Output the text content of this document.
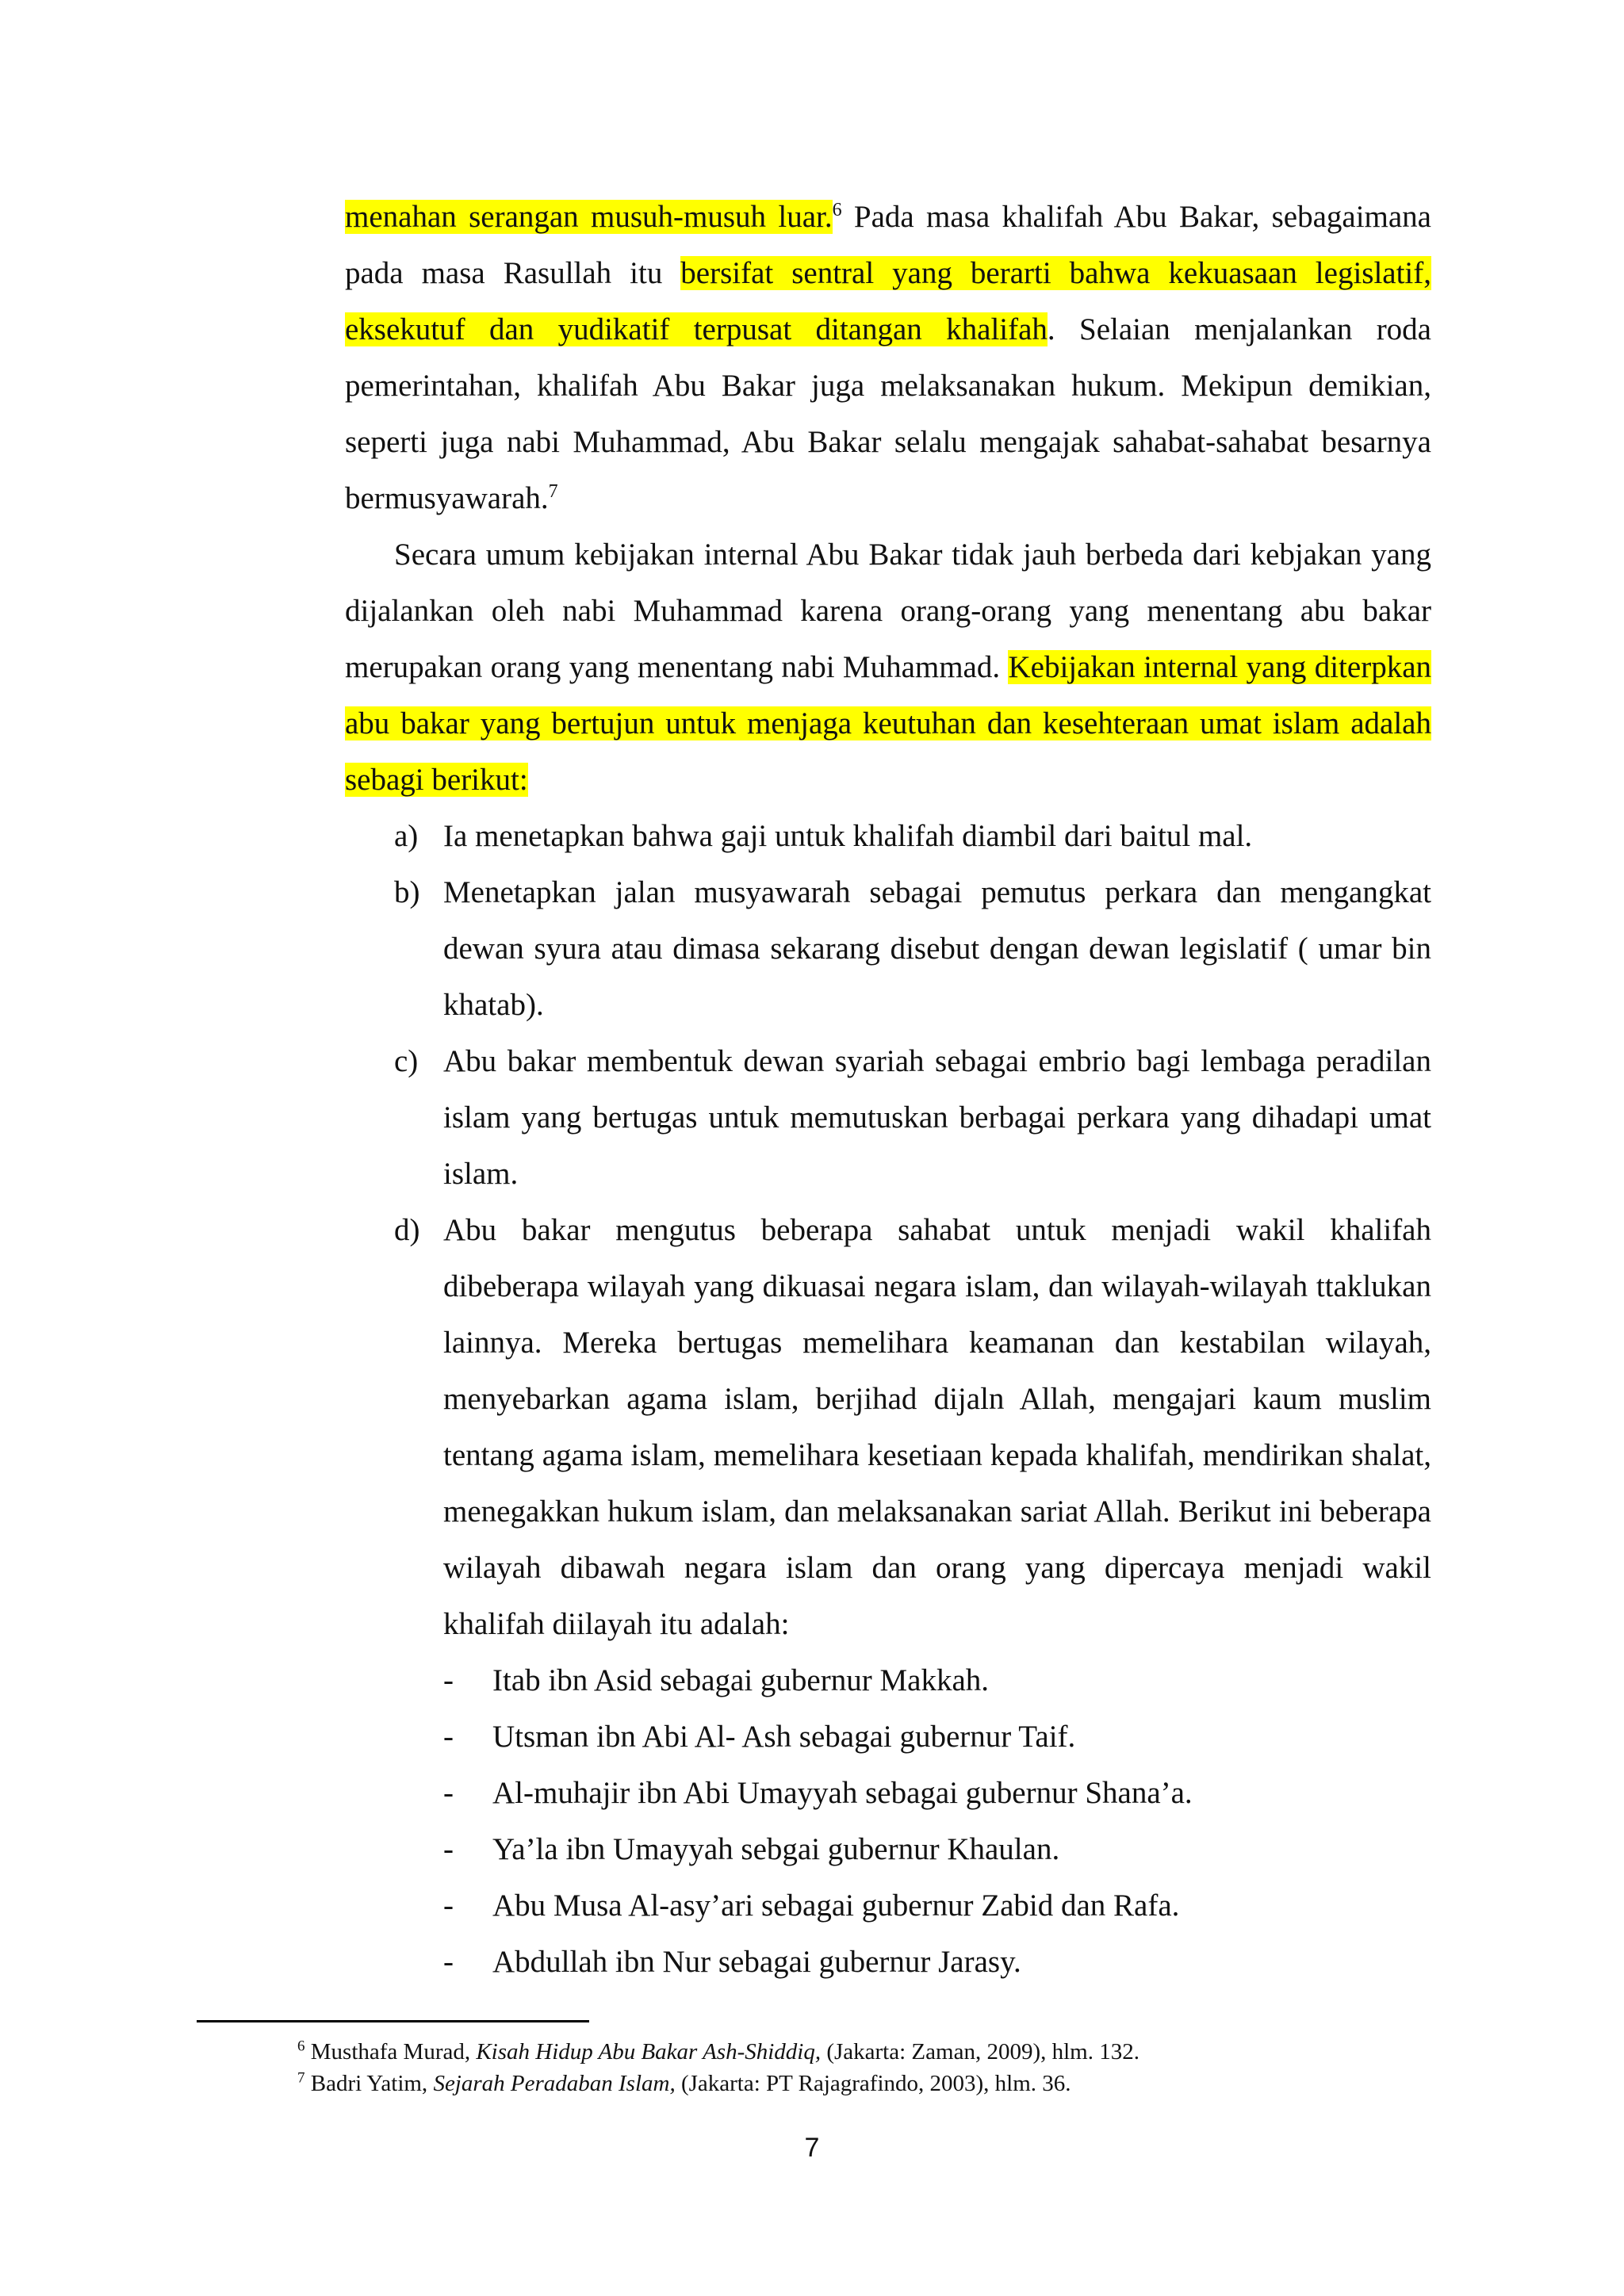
menahan serangan musuh-musuh luar.$^6$ Pada masa khalifah Abu Bakar, sebagaimana pada masa Rasullah itu bersifat sentral yang berarti bahwa kekuasaan legislatif, eksekutuf dan yudikatif terpusat ditangan khalifah. Selaian menjalankan roda pemerintahan, khalifah Abu Bakar juga melaksanakan hukum. Mekipun demikian, seperti juga nabi Muhammad, Abu Bakar selalu mengajak sahabat-sahabat besarnya bermusyawarah.$^7$

Secara umum kebijakan internal Abu Bakar tidak jauh berbeda dari kebjakan yang dijalankan oleh nabi Muhammad karena orang-orang yang menentang abu bakar merupakan orang yang menentang nabi Muhammad. Kebijakan internal yang diterpkan abu bakar yang bertujun untuk menjaga keutuhan dan kesehteraan umat islam adalah sebagi berikut:

a) Ia menetapkan bahwa gaji untuk khalifah diambil dari baitul mal.
b) Menetapkan jalan musyawarah sebagai pemutus perkara dan mengangkat dewan syura atau dimasa sekarang disebut dengan dewan legislatif ( umar bin khatab).
c) Abu bakar membentuk dewan syariah sebagai embrio bagi lembaga peradilan islam yang bertugas untuk memutuskan berbagai perkara yang dihadapi umat islam.
d) Abu bakar mengutus beberapa sahabat untuk menjadi wakil khalifah dibeberapa wilayah yang dikuasai negara islam, dan wilayah-wilayah ttaklukan lainnya. Mereka bertugas memelihara keamanan dan kestabilan wilayah, menyebarkan agama islam, berjihad dijaln Allah, mengajari kaum muslim tentang agama islam, memelihara kesetiaan kepada khalifah, mendirikan shalat, menegakkan hukum islam, dan melaksanakan sariat Allah. Berikut ini beberapa wilayah dibawah negara islam dan orang yang dipercaya menjadi wakil khalifah diilayah itu adalah:
- Itab ibn Asid sebagai gubernur Makkah.
- Utsman ibn Abi Al- Ash sebagai gubernur Taif.
- Al-muhajir ibn Abi Umayyah sebagai gubernur Shana’a.
- Ya’la ibn Umayyah sebgai gubernur Khaulan.
- Abu Musa Al-asy’ari sebagai gubernur Zabid dan Rafa.
- Abdullah ibn Nur sebagai gubernur Jarasy.
$^6$ Musthafa Murad, Kisah Hidup Abu Bakar Ash-Shiddiq, (Jakarta: Zaman, 2009), hlm. 132.
$^7$ Badri Yatim, Sejarah Peradaban Islam, (Jakarta: PT Rajagrafindo, 2003), hlm. 36.
7
